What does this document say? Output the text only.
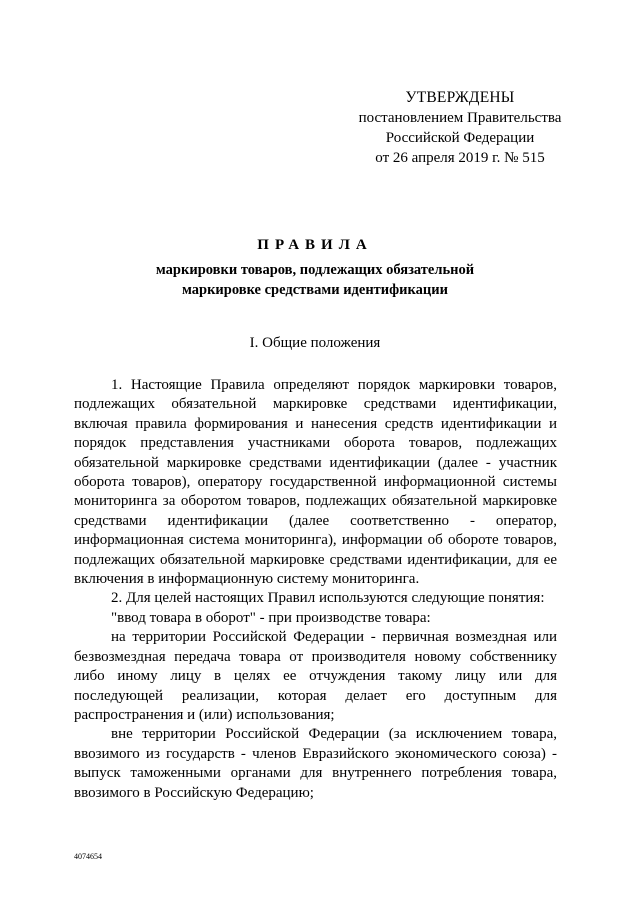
УТВЕРЖДЕНЫ
постановлением Правительства
Российской Федерации
от 26 апреля 2019 г. № 515
ПРАВИЛА
маркировки товаров, подлежащих обязательной
маркировке средствами идентификации
I. Общие положения

1. Настоящие Правила определяют порядок маркировки товаров, подлежащих обязательной маркировке средствами идентификации, включая правила формирования и нанесения средств идентификации и порядок представления участниками оборота товаров, подлежащих обязательной маркировке средствами идентификации (далее - участник оборота товаров), оператору государственной информационной системы мониторинга за оборотом товаров, подлежащих обязательной маркировке средствами идентификации (далее соответственно - оператор, информационная система мониторинга), информации об обороте товаров, подлежащих обязательной маркировке средствами идентификации, для ее включения в информационную систему мониторинга.

2. Для целей настоящих Правил используются следующие понятия:

"ввод товара в оборот" - при производстве товара:

на территории Российской Федерации - первичная возмездная или безвозмездная передача товара от производителя новому собственнику либо иному лицу в целях ее отчуждения такому лицу или для последующей реализации, которая делает его доступным для распространения и (или) использования;

вне территории Российской Федерации (за исключением товара, ввозимого из государств - членов Евразийского экономического союза) - выпуск таможенными органами для внутреннего потребления товара, ввозимого в Российскую Федерацию;

4074654
